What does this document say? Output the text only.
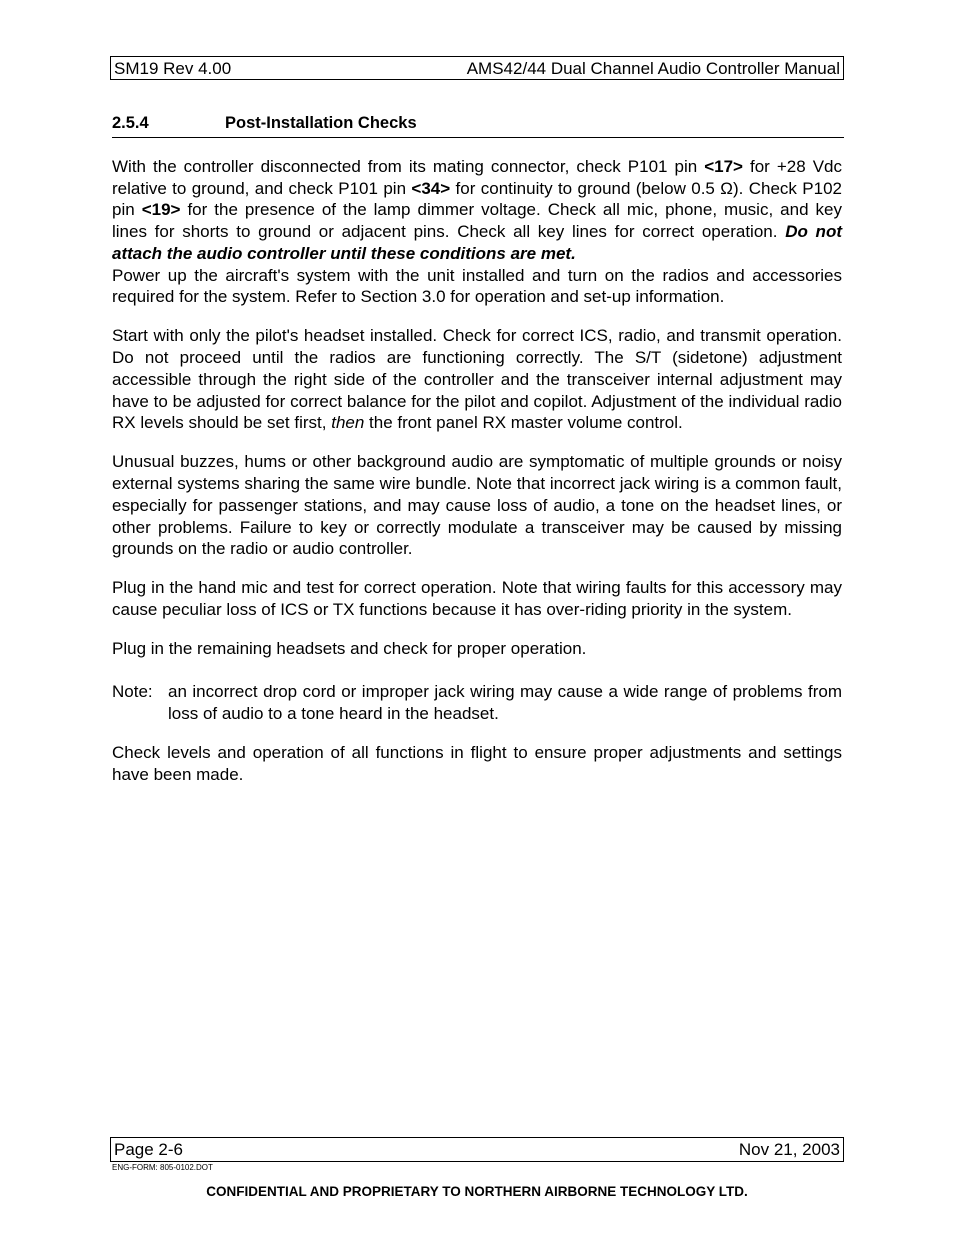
SM19 Rev 4.00	AMS42/44 Dual Channel Audio Controller Manual
2.5.4	Post-Installation Checks

With the controller disconnected from its mating connector, check P101 pin <17> for +28 Vdc relative to ground, and check P101 pin <34> for continuity to ground (below 0.5 Ω). Check P102 pin <19> for the presence of the lamp dimmer voltage. Check all mic, phone, music, and key lines for shorts to ground or adjacent pins. Check all key lines for correct operation. Do not attach the audio controller until these conditions are met.

Power up the aircraft's system with the unit installed and turn on the radios and accessories required for the system. Refer to Section 3.0 for operation and set-up information.

Start with only the pilot's headset installed. Check for correct ICS, radio, and transmit operation. Do not proceed until the radios are functioning correctly. The S/T (sidetone) adjustment accessible through the right side of the controller and the transceiver internal adjustment may have to be adjusted for correct balance for the pilot and copilot. Adjustment of the individual radio RX levels should be set first, then the front panel RX master volume control.

Unusual buzzes, hums or other background audio are symptomatic of multiple grounds or noisy external systems sharing the same wire bundle. Note that incorrect jack wiring is a common fault, especially for passenger stations, and may cause loss of audio, a tone on the headset lines, or other problems. Failure to key or correctly modulate a transceiver may be caused by missing grounds on the radio or audio controller.

Plug in the hand mic and test for correct operation. Note that wiring faults for this accessory may cause peculiar loss of ICS or TX functions because it has over-riding priority in the system.

Plug in the remaining headsets and check for proper operation.

Note: an incorrect drop cord or improper jack wiring may cause a wide range of problems from loss of audio to a tone heard in the headset.

Check levels and operation of all functions in flight to ensure proper adjustments and settings have been made.

Page 2-6	Nov 21, 2003
ENG-FORM: 805-0102.DOT
CONFIDENTIAL AND PROPRIETARY TO NORTHERN AIRBORNE TECHNOLOGY LTD.
